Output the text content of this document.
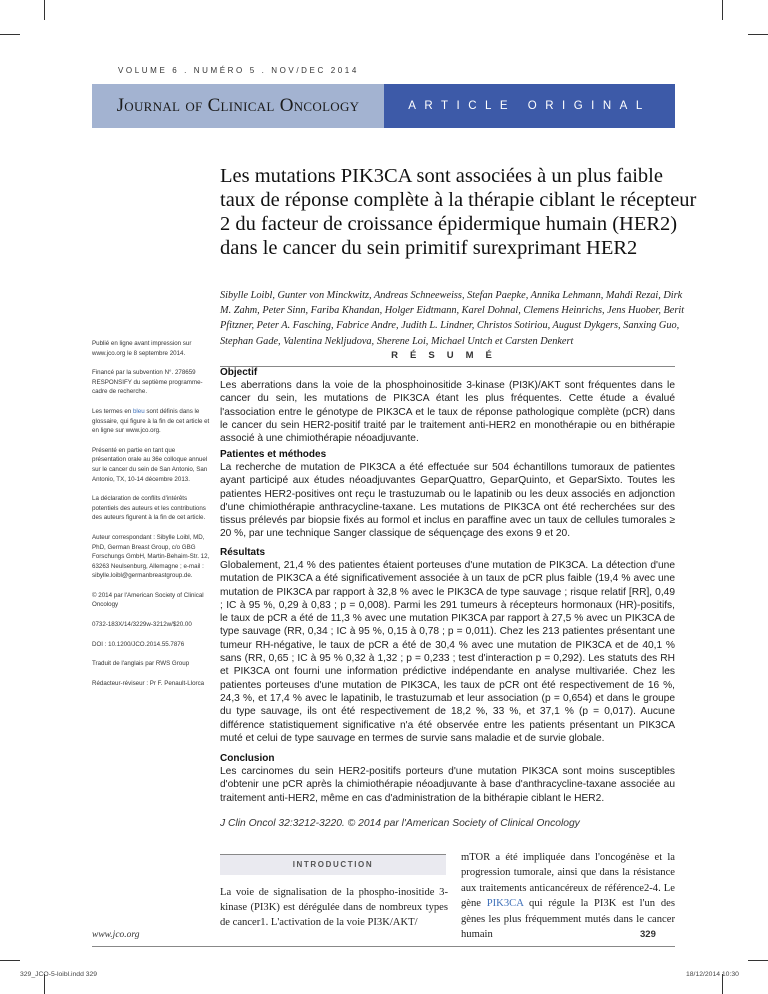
VOLUME 6 . NUMÉRO 5 . NOV/DEC 2014
Journal of Clinical Oncology	ARTICLE ORIGINAL
Les mutations PIK3CA sont associées à un plus faible taux de réponse complète à la thérapie ciblant le récepteur 2 du facteur de croissance épidermique humain (HER2) dans le cancer du sein primitif surexprimant HER2
Sibylle Loibl, Gunter von Minckwitz, Andreas Schneeweiss, Stefan Paepke, Annika Lehmann, Mahdi Rezai, Dirk M. Zahm, Peter Sinn, Fariba Khandan, Holger Eidtmann, Karel Dohnal, Clemens Heinrichs, Jens Huober, Berit Pfitzner, Peter A. Fasching, Fabrice Andre, Judith L. Lindner, Christos Sotiriou, August Dykgers, Sanxing Guo, Stephan Gade, Valentina Nekljudova, Sherene Loi, Michael Untch et Carsten Denkert

Publié en ligne avant impression sur www.jco.org le 8 septembre 2014.

Financé par la subvention N°. 278659 RESPONSIFY du septième programme-cadre de recherche.

Les termes en bleu sont définis dans le glossaire, qui figure à la fin de cet article et en ligne sur www.jco.org.

Présenté en partie en tant que présentation orale au 36e colloque annuel sur le cancer du sein de San Antonio, San Antonio, TX, 10-14 décembre 2013.

La déclaration de conflits d'intérêts potentiels des auteurs et les contributions des auteurs figurent à la fin de cet article.

Auteur correspondant : Sibylle Loibl, MD, PhD, German Breast Group, c/o GBG Forschungs GmbH, Martin-Behaim-Str. 12, 63263 Neulsenburg, Allemagne ; e-mail : sibylle.loibl@germanbreastgroup.de.

© 2014 par l'American Society of Clinical Oncology

0732-183X/14/3229w-3212w/$20.00

DOI : 10.1200/JCO.2014.55.7876

Traduit de l'anglais par RWS Group

Rédacteur-réviseur : Pr F. Penault-Llorca

RÉSUMÉ
Objectif

Les aberrations dans la voie de la phosphoinositide 3-kinase (PI3K)/AKT sont fréquentes dans le cancer du sein, les mutations de PIK3CA étant les plus fréquentes. Cette étude a évalué l'association entre le génotype de PIK3CA et le taux de réponse pathologique complète (pCR) dans le cancer du sein HER2-positif traité par le traitement anti-HER2 en monothérapie ou en bithérapie associé à une chimiothérapie néoadjuvante.

Patientes et méthodes

La recherche de mutation de PIK3CA a été effectuée sur 504 échantillons tumoraux de patientes ayant participé aux études néoadjuvantes GeparQuattro, GeparQuinto, et GeparSixto. Toutes les patientes HER2-positives ont reçu le trastuzumab ou le lapatinib ou les deux associés en adjonction d'une chimiothérapie anthracycline-taxane. Les mutations de PIK3CA ont été recherchées sur des tissus prélevés par biopsie fixés au formol et inclus en paraffine avec un taux de cellules tumorales ≥ 20 %, par une technique Sanger classique de séquençage des exons 9 et 20.

Résultats

Globalement, 21,4 % des patientes étaient porteuses d'une mutation de PIK3CA. La détection d'une mutation de PIK3CA a été significativement associée à un taux de pCR plus faible (19,4 % avec une mutation de PIK3CA par rapport à 32,8 % avec le PIK3CA de type sauvage ; risque relatif [RR], 0,49 ; IC à 95 %, 0,29 à 0,83 ; p = 0,008). Parmi les 291 tumeurs à récepteurs hormonaux (HR)-positifs, le taux de pCR a été de 11,3 % avec une mutation PIK3CA par rapport à 27,5 % avec un PIK3CA de type sauvage (RR, 0,34 ; IC à 95 %, 0,15 à 0,78 ; p = 0,011). Chez les 213 patientes présentant une tumeur RH-négative, le taux de pCR a été de 30,4 % avec une mutation de PIK3CA et de 40,1 % sans (RR, 0,65 ; IC à 95 % 0,32 à 1,32 ; p = 0,233 ; test d'interaction p = 0,292). Les statuts des RH et PIK3CA ont fourni une information prédictive indépendante en analyse multivariée. Chez les patientes porteuses d'une mutation de PIK3CA, les taux de pCR ont été respectivement de 16 %, 24,3 %, et 17,4 % avec le lapatinib, le trastuzumab et leur association (p = 0,654) et dans le groupe du type sauvage, ils ont été respectivement de 18,2 %, 33 %, et 37,1 % (p = 0,017). Aucune différence statistiquement significative n'a été observée entre les patients présentant un PIK3CA muté et celui de type sauvage en termes de survie sans maladie et de survie globale.

Conclusion

Les carcinomes du sein HER2-positifs porteurs d'une mutation PIK3CA sont moins susceptibles d'obtenir une pCR après la chimiothérapie néoadjuvante à base d'anthracycline-taxane associée au traitement anti-HER2, même en cas d'administration de la bithérapie ciblant le HER2.

J Clin Oncol 32:3212-3220. © 2014 par l'American Society of Clinical Oncology
INTRODUCTION

La voie de signalisation de la phospho-inositide 3-kinase (PI3K) est dérégulée dans de nombreux types de cancer1. L'activation de la voie PI3K/AKT/

mTOR a été impliquée dans l'oncogénèse et la progression tumorale, ainsi que dans la résistance aux traitements anticancéreux de référence2-4. Le gène PIK3CA qui régule la PI3K est l'un des gènes les plus fréquemment mutés dans le cancer humain

www.jco.org	329
329_JCO-5-loibl.indd 329	18/12/2014 10:30
